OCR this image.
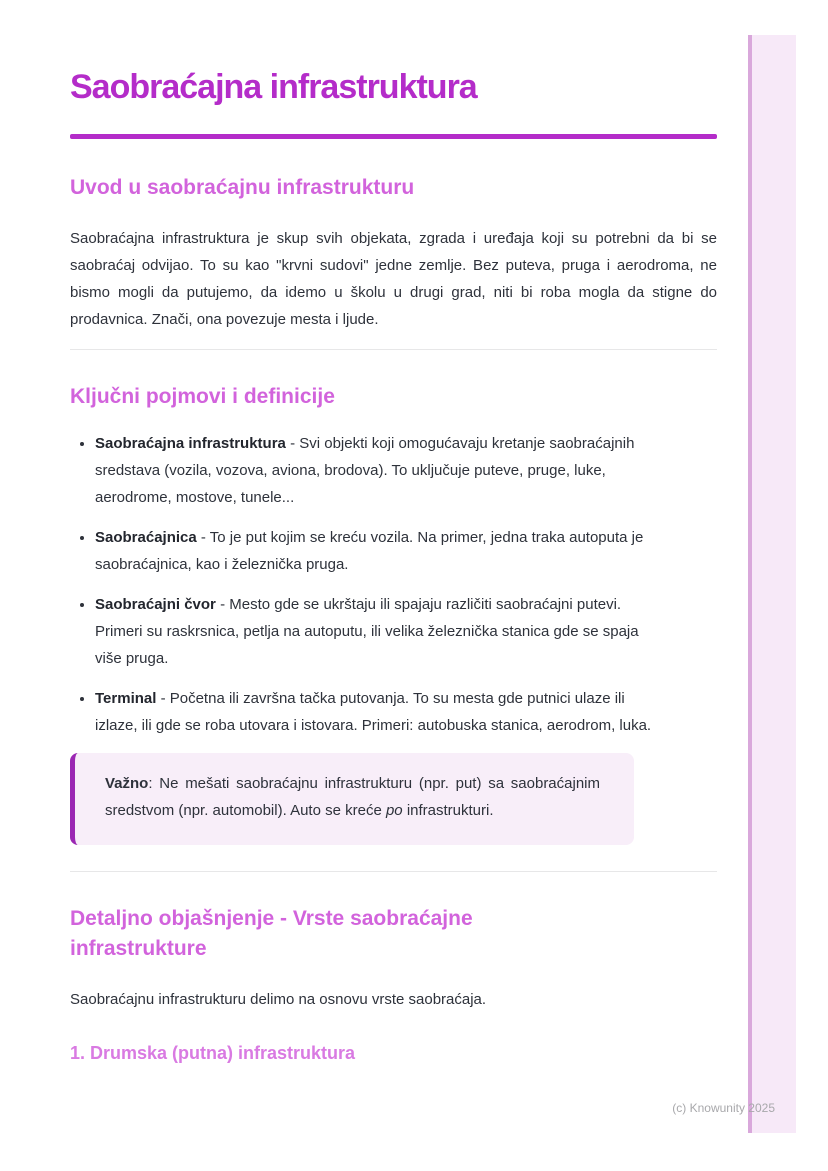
Saobraćajna infrastruktura
Uvod u saobraćajnu infrastrukturu

Saobraćajna infrastruktura je skup svih objekata, zgrada i uređaja koji su potrebni da bi se saobraćaj odvijao. To su kao "krvni sudovi" jedne zemlje. Bez puteva, pruga i aerodroma, ne bismo mogli da putujemo, da idemo u školu u drugi grad, niti bi roba mogla da stigne do prodavnica. Znači, ona povezuje mesta i ljude.

Ključni pojmovi i definicije
• Saobraćajna infrastruktura - Svi objekti koji omogućavaju kretanje saobraćajnih sredstava (vozila, vozova, aviona, brodova). To uključuje puteve, pruge, luke, aerodrome, mostove, tunele...
• Saobraćajnica - To je put kojim se kreću vozila. Na primer, jedna traka autoputa je saobraćajnica, kao i železnička pruga.
• Saobraćajni čvor - Mesto gde se ukrštaju ili spajaju različiti saobraćajni putevi. Primeri su raskrsnica, petlja na autoputu, ili velika železnička stanica gde se spaja više pruga.
• Terminal - Početna ili završna tačka putovanja. To su mesta gde putnici ulaze ili izlaze, ili gde se roba utovara i istovara. Primeri: autobuska stanica, aerodrom, luka.

Važno: Ne mešati saobraćajnu infrastrukturu (npr. put) sa saobraćajnim sredstvom (npr. automobil). Auto se kreće po infrastrukturi.

Detaljno objašnjenje - Vrste saobraćajne infrastrukture

Saobraćajnu infrastrukturu delimo na osnovu vrste saobraćaja.

1. Drumska (putna) infrastruktura
(c) Knowunity 2025
